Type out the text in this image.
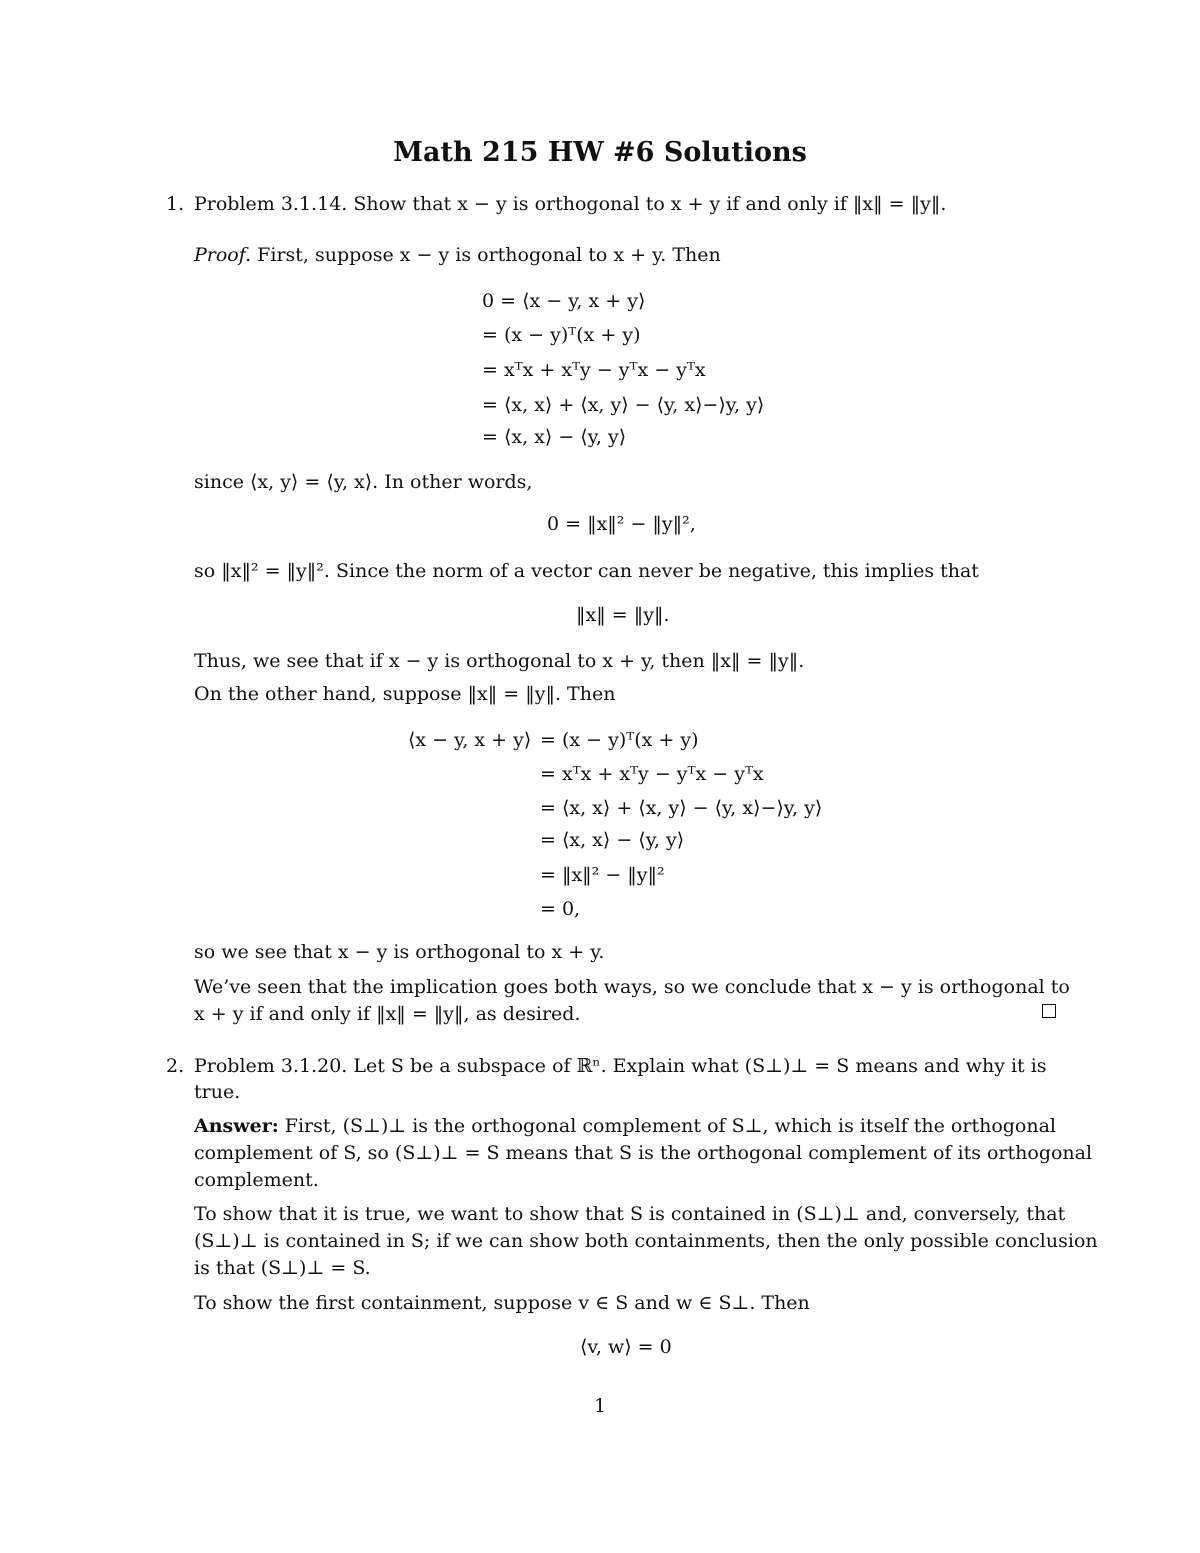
Math 215 HW #6 Solutions
1. Problem 3.1.14. Show that x − y is orthogonal to x + y if and only if ‖x‖ = ‖y‖.
Proof. First, suppose x − y is orthogonal to x + y. Then
0 = ⟨x − y, x + y⟩
= (x − y)ᵀ(x + y)
= xᵀx + xᵀy − yᵀx − yᵀx
= ⟨x, x⟩ + ⟨x, y⟩ − ⟨y, x⟩−⟩y, y⟩
= ⟨x, x⟩ − ⟨y, y⟩
since ⟨x, y⟩ = ⟨y, x⟩. In other words,
0 = ‖x‖² − ‖y‖²,
so ‖x‖² = ‖y‖². Since the norm of a vector can never be negative, this implies that
‖x‖ = ‖y‖.
Thus, we see that if x − y is orthogonal to x + y, then ‖x‖ = ‖y‖.
On the other hand, suppose ‖x‖ = ‖y‖. Then
⟨x − y, x + y⟩ = (x − y)ᵀ(x + y)
= xᵀx + xᵀy − yᵀx − yᵀx
= ⟨x, x⟩ + ⟨x, y⟩ − ⟨y, x⟩−⟩y, y⟩
= ⟨x, x⟩ − ⟨y, y⟩
= ‖x‖² − ‖y‖²
= 0,
so we see that x − y is orthogonal to x + y.
We’ve seen that the implication goes both ways, so we conclude that x − y is orthogonal to
x + y if and only if ‖x‖ = ‖y‖, as desired.
2. Problem 3.1.20. Let S be a subspace of ℝⁿ. Explain what (S⊥)⊥ = S means and why it is
true.
Answer: First, (S⊥)⊥ is the orthogonal complement of S⊥, which is itself the orthogonal
complement of S, so (S⊥)⊥ = S means that S is the orthogonal complement of its orthogonal
complement.
To show that it is true, we want to show that S is contained in (S⊥)⊥ and, conversely, that
(S⊥)⊥ is contained in S; if we can show both containments, then the only possible conclusion
is that (S⊥)⊥ = S.
To show the first containment, suppose v ∈ S and w ∈ S⊥. Then
⟨v, w⟩ = 0
1
